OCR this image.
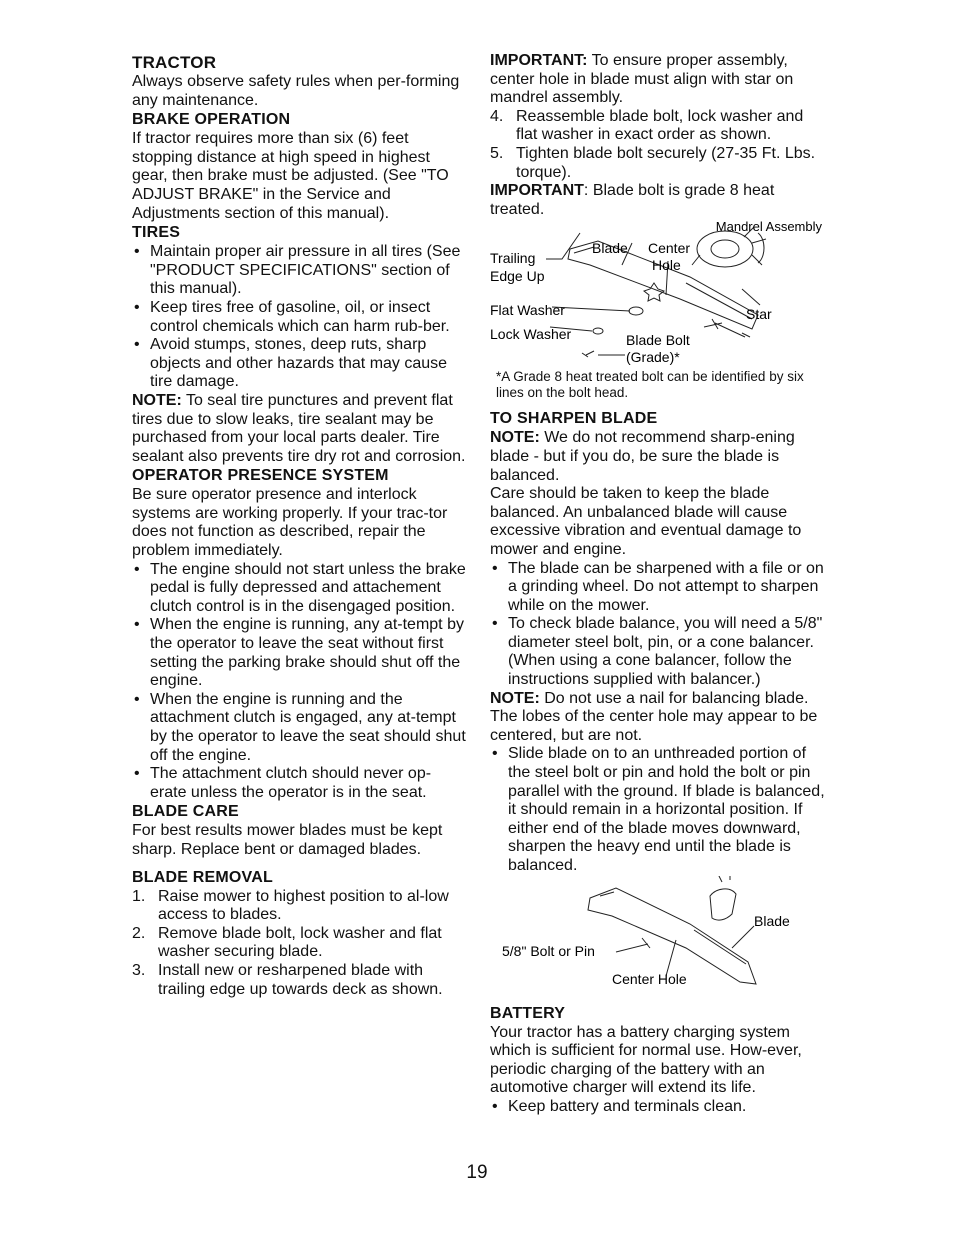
TRACTOR

Always observe safety rules when per-forming any maintenance.

BRAKE OPERATION

If tractor requires more than six (6) feet stopping distance at high speed in highest gear, then brake must be adjusted. (See "TO ADJUST BRAKE" in the Service and Adjustments section of this manual).

TIRES
• Maintain proper air pressure in all tires (See "PRODUCT SPECIFICATIONS" section of this manual).
• Keep tires free of gasoline, oil, or insect control chemicals which can harm rub-ber.
• Avoid stumps, stones, deep ruts, sharp objects and other hazards that may cause tire damage.

NOTE: To seal tire punctures and prevent flat tires due to slow leaks, tire sealant may be purchased from your local parts dealer. Tire sealant also prevents tire dry rot and corrosion.

OPERATOR PRESENCE SYSTEM

Be sure operator presence and interlock systems are working properly. If your trac-tor does not function as described, repair the problem immediately.

• The engine should not start unless the brake pedal is fully depressed and attachement clutch control is in the disengaged position.
• When the engine is running, any at-tempt by the operator to leave the seat without first setting the parking brake should shut off the engine.
• When the engine is running and the attachment clutch is engaged, any at-tempt by the operator to leave the seat should shut off the engine.
• The attachment clutch should never op-erate unless the operator is in the seat.
BLADE CARE

For best results mower blades must be kept sharp. Replace bent or damaged blades.

BLADE REMOVAL
1. Raise mower to highest position to al-low access to blades.
2. Remove blade bolt, lock washer and flat washer securing blade.
3. Install new or resharpened blade with trailing edge up towards deck as shown.

IMPORTANT: To ensure proper assembly, center hole in blade must align with star on mandrel assembly.

4. Reassemble blade bolt, lock washer and flat washer in exact order as shown.
5. Tighten blade bolt securely (27-35 Ft. Lbs. torque).

IMPORTANT: Blade bolt is grade 8 heat treated.

Mandrel Assembly
Trailing
Edge Up
Blade Center
Hole
Flat Washer	Star
Lock Washer	Blade Bolt
(Grade)*

*A Grade 8 heat treated bolt can be identified by six lines on the bolt head.

TO SHARPEN BLADE

NOTE: We do not recommend sharp-ening blade - but if you do, be sure the blade is balanced.

Care should be taken to keep the blade balanced. An unbalanced blade will cause excessive vibration and eventual damage to mower and engine.

• The blade can be sharpened with a file or on a grinding wheel. Do not attempt to sharpen while on the mower.
• To check blade balance, you will need a 5/8" diameter steel bolt, pin, or a cone balancer. (When using a cone balancer, follow the instructions supplied with balancer.)

NOTE: Do not use a nail for balancing blade. The lobes of the center hole may appear to be centered, but are not.

• Slide blade on to an unthreaded portion of the steel bolt or pin and hold the bolt or pin parallel with the ground. If blade is balanced, it should remain in a horizontal position. If either end of the blade moves downward, sharpen the heavy end until the blade is balanced.
Blade
5/8" Bolt or Pin
Center Hole
BATTERY

Your tractor has a battery charging system which is sufficient for normal use. How-ever, periodic charging of the battery with an automotive charger will extend its life.

• Keep battery and terminals clean.
19
